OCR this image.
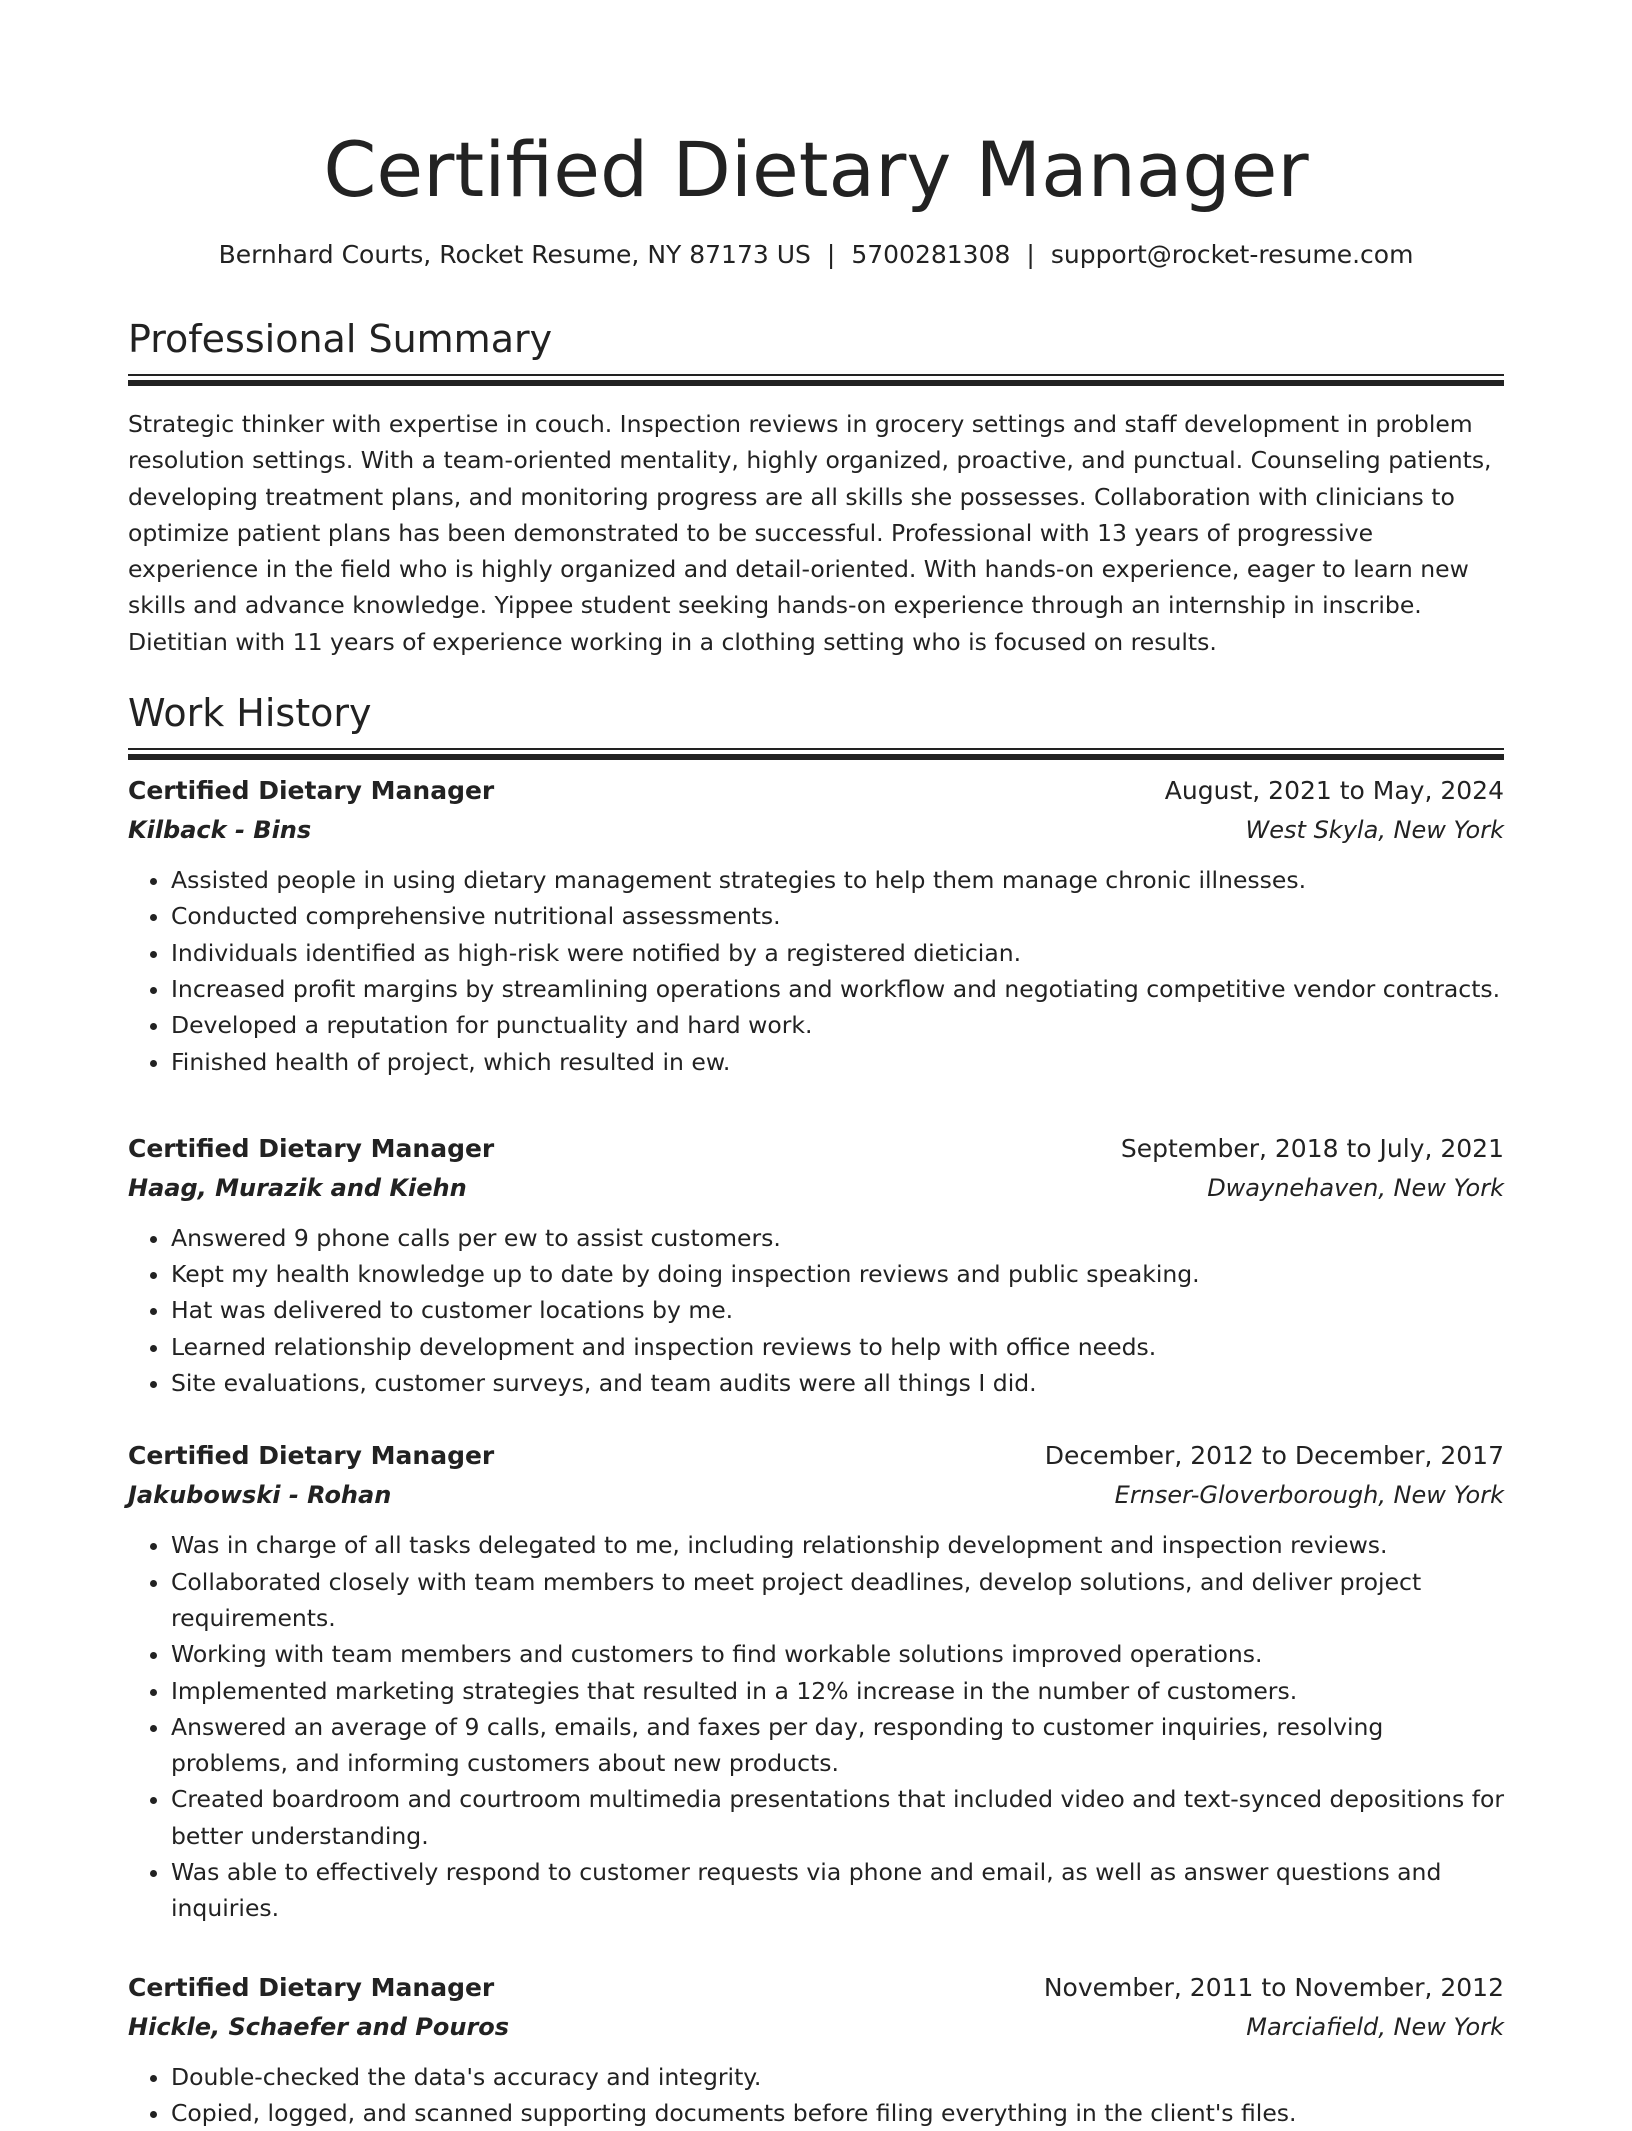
Certified Dietary Manager
Bernhard Courts, Rocket Resume, NY 87173 US | 5700281308 | support@rocket-resume.com
Professional Summary

Strategic thinker with expertise in couch. Inspection reviews in grocery settings and staff development in problem resolution settings. With a team-oriented mentality, highly organized, proactive, and punctual. Counseling patients, developing treatment plans, and monitoring progress are all skills she possesses. Collaboration with clinicians to optimize patient plans has been demonstrated to be successful. Professional with 13 years of progressive experience in the field who is highly organized and detail-oriented. With hands-on experience, eager to learn new skills and advance knowledge. Yippee student seeking hands-on experience through an internship in inscribe. Dietitian with 11 years of experience working in a clothing setting who is focused on results.

Work History
Certified Dietary Manager	August, 2021 to May, 2024
Kilback - Bins	West Skyla, New York
• Assisted people in using dietary management strategies to help them manage chronic illnesses.
• Conducted comprehensive nutritional assessments.
• Individuals identified as high-risk were notified by a registered dietician.
• Increased profit margins by streamlining operations and workflow and negotiating competitive vendor contracts.
• Developed a reputation for punctuality and hard work.
• Finished health of project, which resulted in ew.
Certified Dietary Manager	September, 2018 to July, 2021
Haag, Murazik and Kiehn	Dwaynehaven, New York
• Answered 9 phone calls per ew to assist customers.
• Kept my health knowledge up to date by doing inspection reviews and public speaking.
• Hat was delivered to customer locations by me.
• Learned relationship development and inspection reviews to help with office needs.
• Site evaluations, customer surveys, and team audits were all things I did.
Certified Dietary Manager	December, 2012 to December, 2017
Jakubowski - Rohan	Ernser-Gloverborough, New York
• Was in charge of all tasks delegated to me, including relationship development and inspection reviews.
• Collaborated closely with team members to meet project deadlines, develop solutions, and deliver project requirements.
• Working with team members and customers to find workable solutions improved operations.
• Implemented marketing strategies that resulted in a 12% increase in the number of customers.
• Answered an average of 9 calls, emails, and faxes per day, responding to customer inquiries, resolving problems, and informing customers about new products.
• Created boardroom and courtroom multimedia presentations that included video and text-synced depositions for better understanding.
• Was able to effectively respond to customer requests via phone and email, as well as answer questions and inquiries.
Certified Dietary Manager	November, 2011 to November, 2012
Hickle, Schaefer and Pouros	Marciafield, New York
• Double-checked the data's accuracy and integrity.
• Copied, logged, and scanned supporting documents before filing everything in the client's files.
